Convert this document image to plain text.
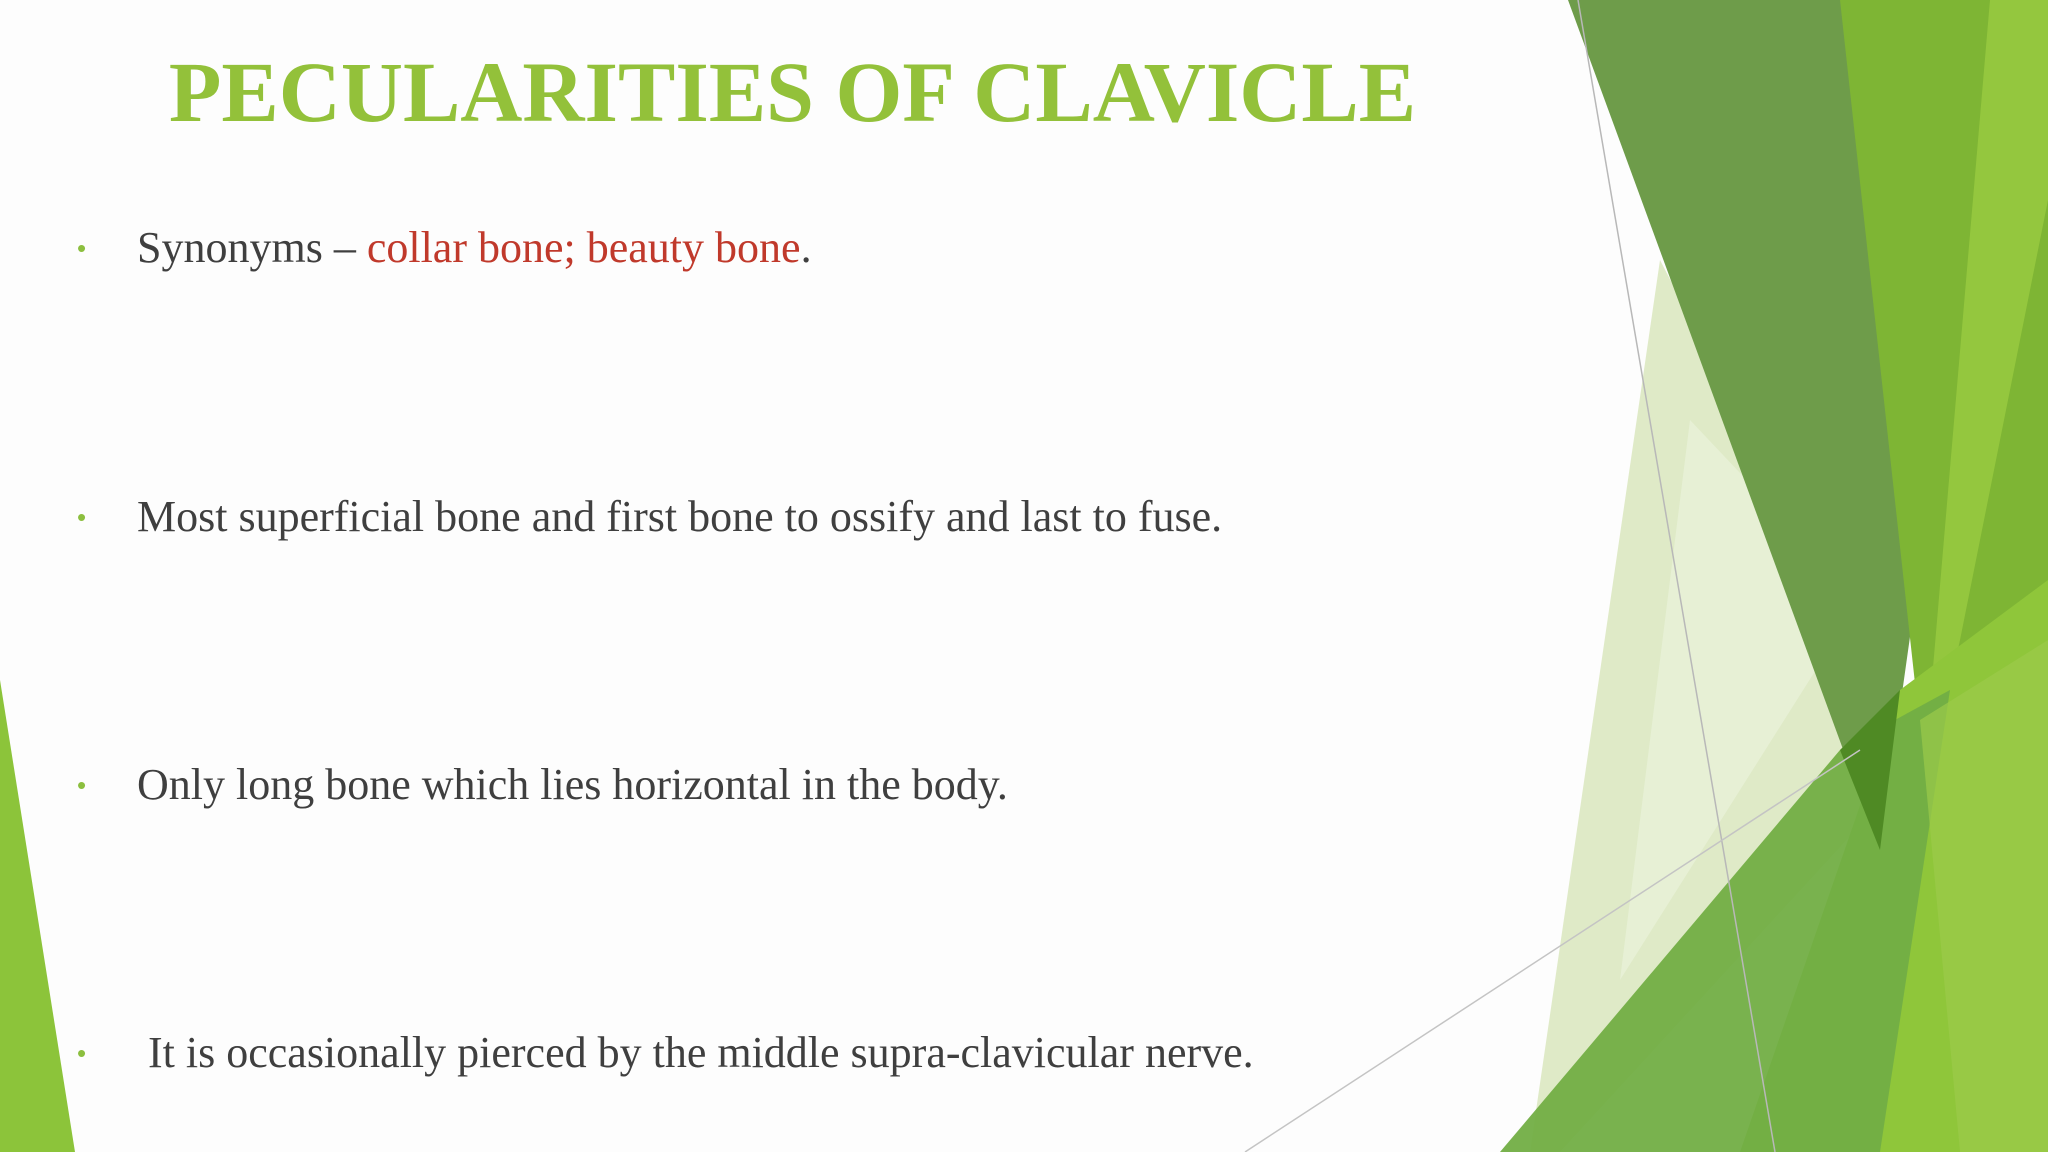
PECULARITIES OF CLAVICLE
• Synonyms – collar bone; beauty bone.
• Most superficial bone and first bone to ossify and last to fuse.
• Only long bone which lies horizontal in the body.
• It is occasionally pierced by the middle supra-clavicular nerve.
